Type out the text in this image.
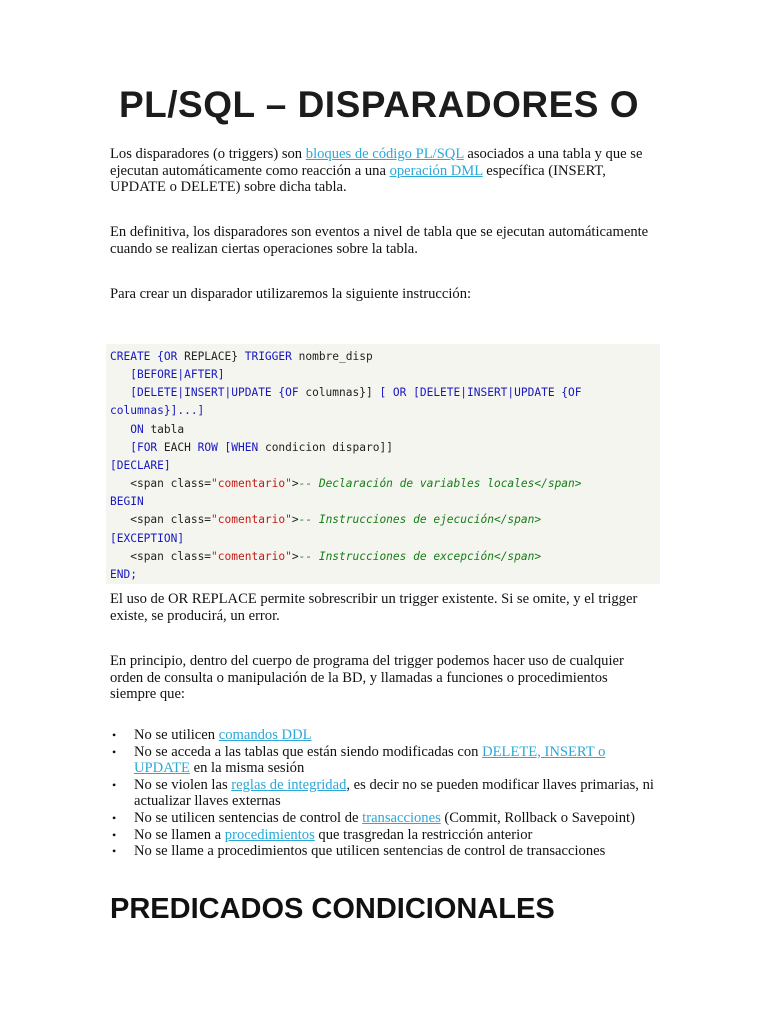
PL/SQL – DISPARADORES O

Los disparadores (o triggers) son bloques de código PL/SQL asociados a una tabla y que se ejecutan automáticamente como reacción a una operación DML específica (INSERT, UPDATE o DELETE) sobre dicha tabla.

En definitiva, los disparadores son eventos a nivel de tabla que se ejecutan automáticamente cuando se realizan ciertas operaciones sobre la tabla.

Para crear un disparador utilizaremos la siguiente instrucción:

CREATE {OR REPLACE} TRIGGER nombre_disp
[BEFORE|AFTER]
[DELETE|INSERT|UPDATE {OF columnas}] [ OR [DELETE|INSERT|UPDATE {OF
columnas}]...]
ON tabla
[FOR EACH ROW [WHEN condicion disparo]]
[DECLARE]
<span class="comentario">-- Declaración de variables locales</span>
BEGIN
<span class="comentario">-- Instrucciones de ejecución</span>
[EXCEPTION]
<span class="comentario">-- Instrucciones de excepción</span>
END;

El uso de OR REPLACE permite sobrescribir un trigger existente. Si se omite, y el trigger existe, se producirá, un error.

En principio, dentro del cuerpo de programa del trigger podemos hacer uso de cualquier orden de consulta o manipulación de la BD, y llamadas a funciones o procedimientos siempre que:

• No se utilicen comandos DDL
• No se acceda a las tablas que están siendo modificadas con DELETE, INSERT o UPDATE en la misma sesión
• No se violen las reglas de integridad, es decir no se pueden modificar llaves primarias, ni actualizar llaves externas
• No se utilicen sentencias de control de transacciones (Commit, Rollback o Savepoint)
• No se llamen a procedimientos que trasgredan la restricción anterior
• No se llame a procedimientos que utilicen sentencias de control de transacciones
PREDICADOS CONDICIONALES
